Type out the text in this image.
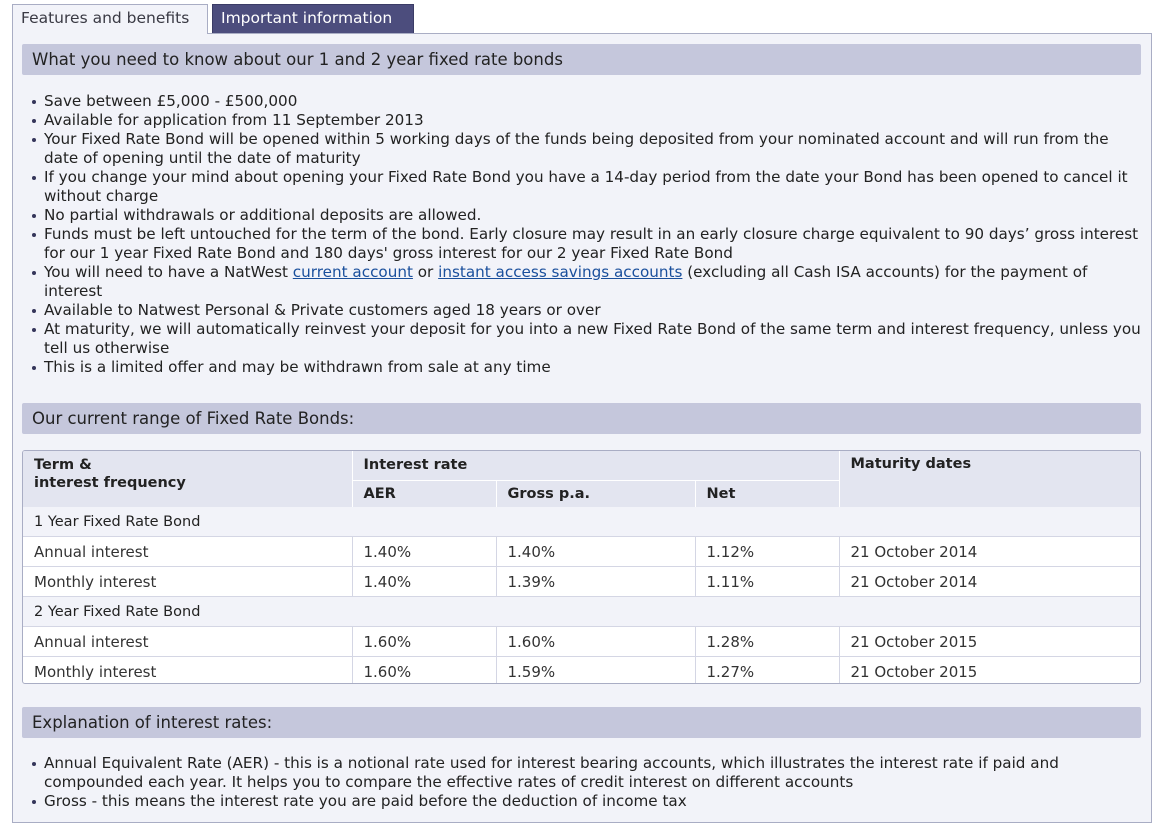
Features and benefits	Important information
What you need to know about our 1 and 2 year fixed rate bonds
Save between £5,000 - £500,000
Available for application from 11 September 2013
Your Fixed Rate Bond will be opened within 5 working days of the funds being deposited from your nominated account and will run from the date of opening until the date of maturity
If you change your mind about opening your Fixed Rate Bond you have a 14-day period from the date your Bond has been opened to cancel it without charge
No partial withdrawals or additional deposits are allowed.
Funds must be left untouched for the term of the bond. Early closure may result in an early closure charge equivalent to 90 days’ gross interest for our 1 year Fixed Rate Bond and 180 days' gross interest for our 2 year Fixed Rate Bond
You will need to have a NatWest current account or instant access savings accounts (excluding all Cash ISA accounts) for the payment of interest
Available to Natwest Personal & Private customers aged 18 years or over
At maturity, we will automatically reinvest your deposit for you into a new Fixed Rate Bond of the same term and interest frequency, unless you tell us otherwise
This is a limited offer and may be withdrawn from sale at any time
Our current range of Fixed Rate Bonds:
Term &
interest frequency	Interest rate			Maturity dates
	AER	Gross p.a.	Net	
1 Year Fixed Rate Bond				
Annual interest	1.40%	1.40%	1.12%	21 October 2014
Monthly interest	1.40%	1.39%	1.11%	21 October 2014
2 Year Fixed Rate Bond				
Annual interest	1.60%	1.60%	1.28%	21 October 2015
Monthly interest	1.60%	1.59%	1.27%	21 October 2015
Explanation of interest rates:
Annual Equivalent Rate (AER) - this is a notional rate used for interest bearing accounts, which illustrates the interest rate if paid and compounded each year. It helps you to compare the effective rates of credit interest on different accounts
Gross - this means the interest rate you are paid before the deduction of income tax
